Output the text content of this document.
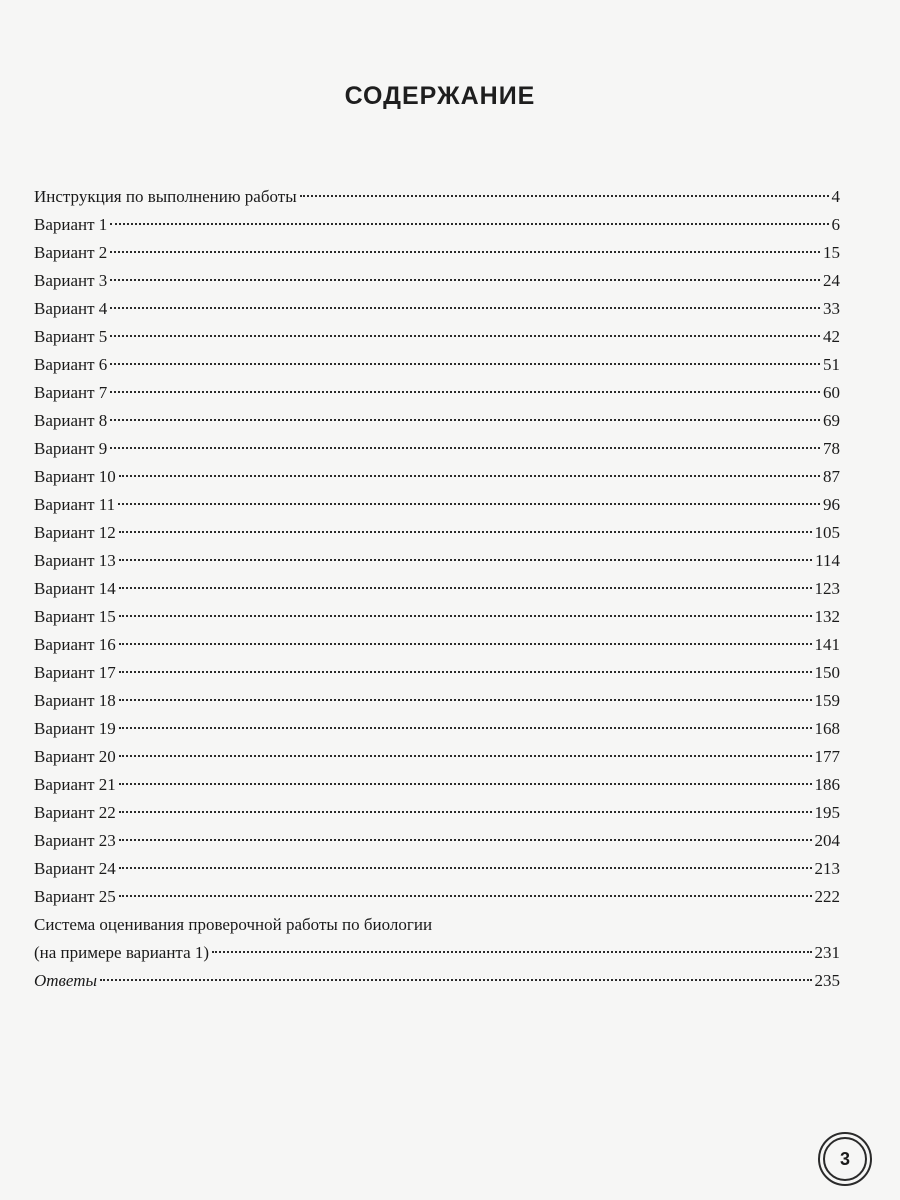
СОДЕРЖАНИЕ
Инструкция по выполнению работы	4
Вариант 1	6
Вариант 2	15
Вариант 3	24
Вариант 4	33
Вариант 5	42
Вариант 6	51
Вариант 7	60
Вариант 8	69
Вариант 9	78
Вариант 10	87
Вариант 11	96
Вариант 12	105
Вариант 13	114
Вариант 14	123
Вариант 15	132
Вариант 16	141
Вариант 17	150
Вариант 18	159
Вариант 19	168
Вариант 20	177
Вариант 21	186
Вариант 22	195
Вариант 23	204
Вариант 24	213
Вариант 25	222
Система оценивания проверочной работы по биологии
(на примере варианта 1)	231
Ответы	235
3
